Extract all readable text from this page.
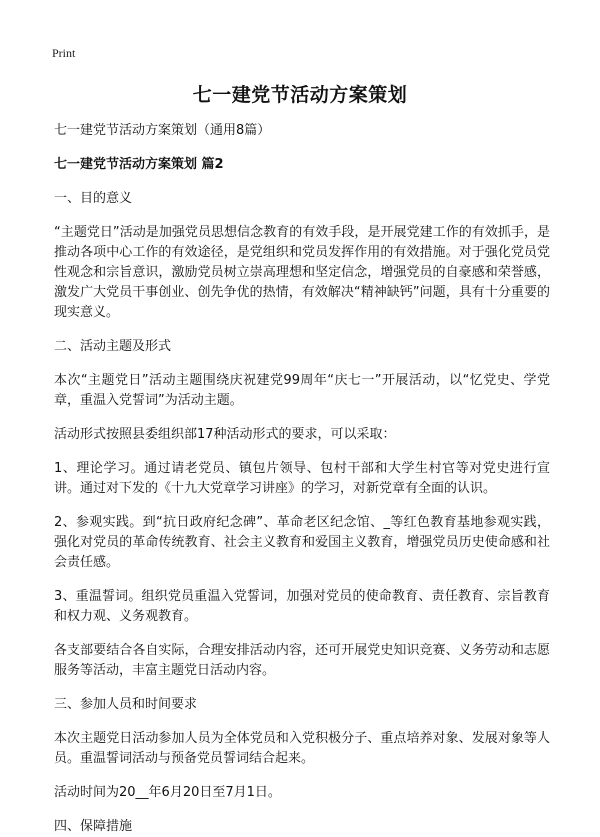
Print
七一建党节活动方案策划

七一建党节活动方案策划（通用8篇）

七一建党节活动方案策划 篇2

一、目的意义

“主题党日”活动是加强党员思想信念教育的有效手段，是开展党建工作的有效抓手，是推动各项中心工作的有效途径，是党组织和党员发挥作用的有效措施。对于强化党员党性观念和宗旨意识，激励党员树立崇高理想和坚定信念，增强党员的自豪感和荣誉感，激发广大党员干事创业、创先争优的热情，有效解决“精神缺钙”问题，具有十分重要的现实意义。

二、活动主题及形式

本次“主题党日”活动主题围绕庆祝建党99周年“庆七一”开展活动，以“忆党史、学党章，重温入党誓词”为活动主题。

活动形式按照县委组织部17种活动形式的要求，可以采取：

1、理论学习。通过请老党员、镇包片领导、包村干部和大学生村官等对党史进行宣讲。通过对下发的《十九大党章学习讲座》的学习，对新党章有全面的认识。

2、参观实践。到“抗日政府纪念碑”、革命老区纪念馆、_等红色教育基地参观实践，强化对党员的革命传统教育、社会主义教育和爱国主义教育，增强党员历史使命感和社会责任感。

3、重温誓词。组织党员重温入党誓词，加强对党员的使命教育、责任教育、宗旨教育和权力观、义务观教育。

各支部要结合各自实际，合理安排活动内容，还可开展党史知识竞赛、义务劳动和志愿服务等活动，丰富主题党日活动内容。

三、参加人员和时间要求

本次主题党日活动参加人员为全体党员和入党积极分子、重点培养对象、发展对象等人员。重温誓词活动与预备党员誓词结合起来。

活动时间为20__年6月20日至7月1日。

四、保障措施
